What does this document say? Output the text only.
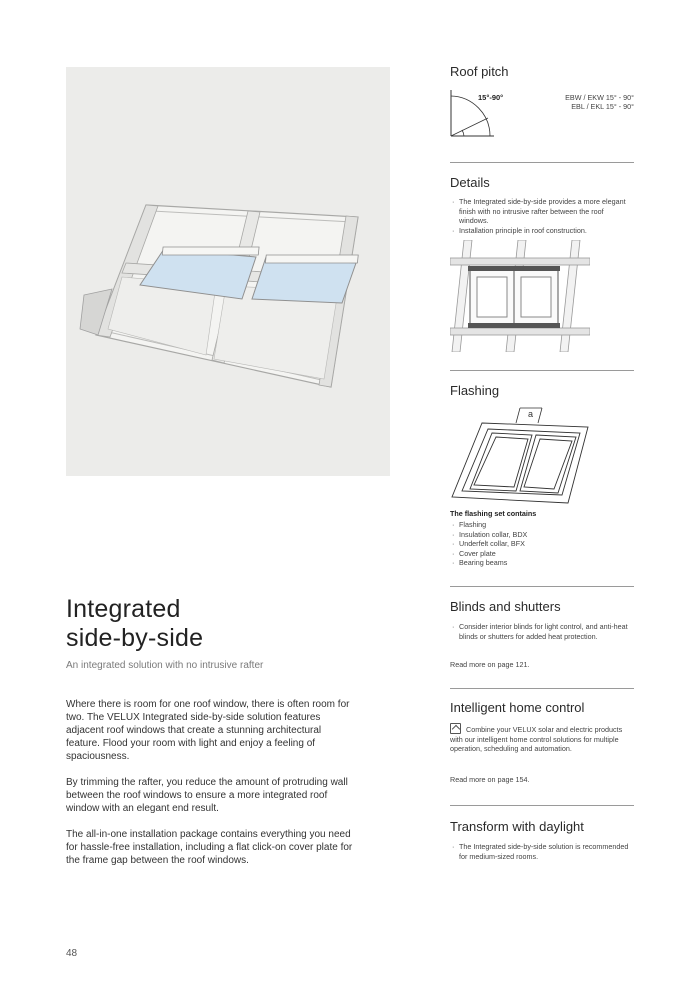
Integrated
side-by-side
An integrated solution with no intrusive rafter

Where there is room for one roof window, there is often room for two. The VELUX Integrated side-by-side solution features adjacent roof windows that create a stunning architectural feature. Flood your room with light and enjoy a feeling of spaciousness.

By trimming the rafter, you reduce the amount of protruding wall between the roof windows to ensure a more integrated roof window with an elegant end result.

The all-in-one installation package contains everything you need for hassle-free installation, including a flat click-on cover plate for the frame gap between the roof windows.

48
Roof pitch
15°-90°	EBW / EKW 15° - 90°
EBL / EKL 15° - 90°
Details
· The Integrated side-by-side provides a more elegant finish with no intrusive rafter between the roof windows.
· Installation principle in roof construction.
Flashing
a
The flashing set contains
· Flashing
· Insulation collar, BDX
· Underfelt collar, BFX
· Cover plate
· Bearing beams
Blinds and shutters
· Consider interior blinds for light control, and anti-heat blinds or shutters for added heat protection.
Read more on page 121.
Intelligent home control
Combine your VELUX solar and electric products with our intelligent home control solutions for multiple operation, scheduling and automation.
Read more on page 154.
Transform with daylight
· The Integrated side-by-side solution is recommended for medium-sized rooms.
